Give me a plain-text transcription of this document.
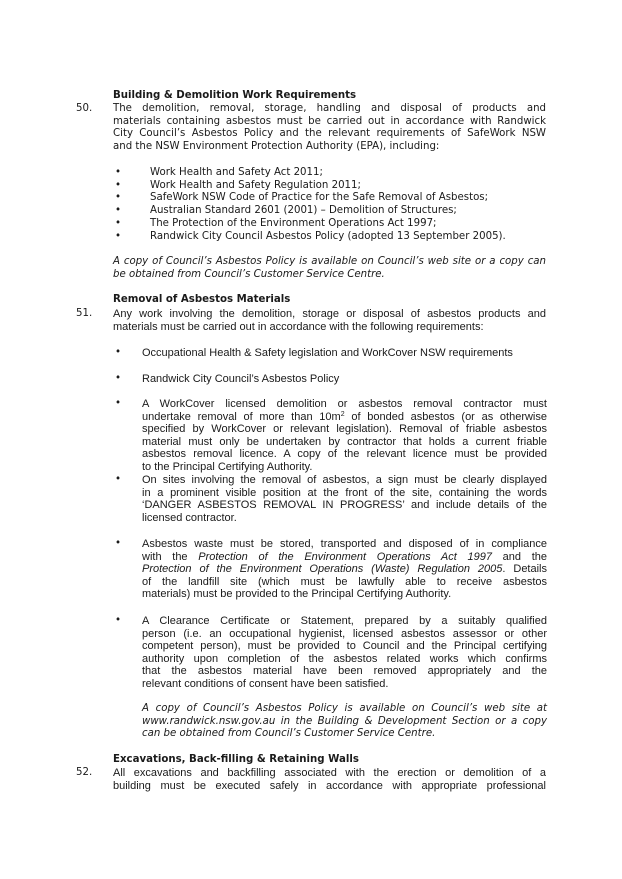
Building & Demolition Work Requirements
50. The demolition, removal, storage, handling and disposal of products and
materials containing asbestos must be carried out in accordance with Randwick
City Council’s Asbestos Policy and the relevant requirements of SafeWork NSW
and the NSW Environment Protection Authority (EPA), including:
•	Work Health and Safety Act 2011;
•	Work Health and Safety Regulation 2011;
•	SafeWork NSW Code of Practice for the Safe Removal of Asbestos;
•	Australian Standard 2601 (2001) – Demolition of Structures;
•	The Protection of the Environment Operations Act 1997;
•	Randwick City Council Asbestos Policy (adopted 13 September 2005).
A copy of Council’s Asbestos Policy is available on Council’s web site or a copy can
be obtained from Council’s Customer Service Centre.
Removal of Asbestos Materials
51. Any work involving the demolition, storage or disposal of asbestos products and
materials must be carried out in accordance with the following requirements:
• Occupational Health & Safety legislation and WorkCover NSW requirements
• Randwick City Council’s Asbestos Policy
• A WorkCover licensed demolition or asbestos removal contractor must
undertake removal of more than $10m^2$ of bonded asbestos (or as otherwise
specified by WorkCover or relevant legislation). Removal of friable asbestos
material must only be undertaken by contractor that holds a current friable
asbestos removal licence. A copy of the relevant licence must be provided
to the Principal Certifying Authority.
• On sites involving the removal of asbestos, a sign must be clearly displayed
in a prominent visible position at the front of the site, containing the words
‘DANGER ASBESTOS REMOVAL IN PROGRESS’ and include details of the
licensed contractor.
• Asbestos waste must be stored, transported and disposed of in compliance
with the Protection of the Environment Operations Act 1997 and the
Protection of the Environment Operations (Waste) Regulation 2005. Details
of the landfill site (which must be lawfully able to receive asbestos
materials) must be provided to the Principal Certifying Authority.
• A Clearance Certificate or Statement, prepared by a suitably qualified
person (i.e. an occupational hygienist, licensed asbestos assessor or other
competent person), must be provided to Council and the Principal certifying
authority upon completion of the asbestos related works which confirms
that the asbestos material have been removed appropriately and the
relevant conditions of consent have been satisfied.
A copy of Council’s Asbestos Policy is available on Council’s web site at
www.randwick.nsw.gov.au in the Building & Development Section or a copy
can be obtained from Council’s Customer Service Centre.
Excavations, Back-filling & Retaining Walls
52. All excavations and backfilling associated with the erection or demolition of a
building must be executed safely in accordance with appropriate professional
